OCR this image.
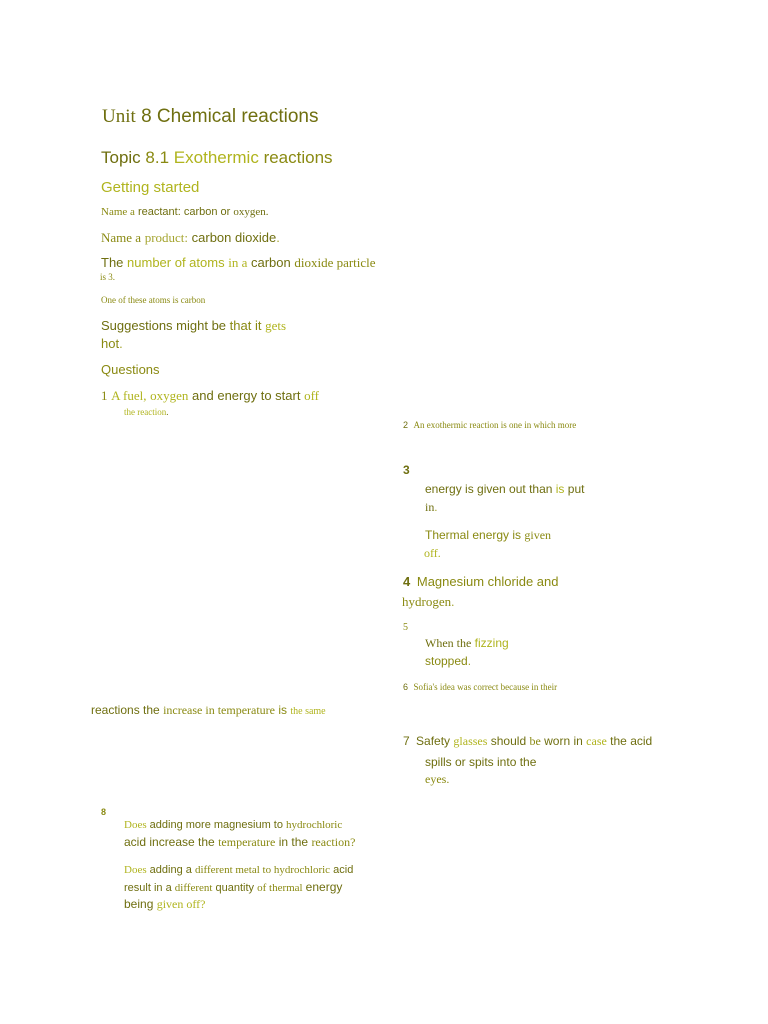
Unit 8 Chemical reactions
Topic 8.1 Exothermic reactions
Getting started
Name a reactant: carbon or oxygen.
Name a product: carbon dioxide.
The number of atoms in a carbon dioxide particle
is 3.
One of these atoms is carbon
Suggestions might be that it gets
hot.
Questions
1 A fuel, oxygen and energy to start off
the reaction.
2 An exothermic reaction is one in which more
3
energy is given out than is put
in.
Thermal energy is given
off.
4 Magnesium chloride and
hydrogen.
5
When the fizzing
stopped.
6 Sofia's idea was correct because in their
reactions the increase in temperature is the same
7 Safety glasses should be worn in case the acid
spills or spits into the
eyes.
8
Does adding more magnesium to hydrochloric
acid increase the temperature in the reaction?
Does adding a different metal to hydrochloric acid
result in a different quantity of thermal energy
being given off?
